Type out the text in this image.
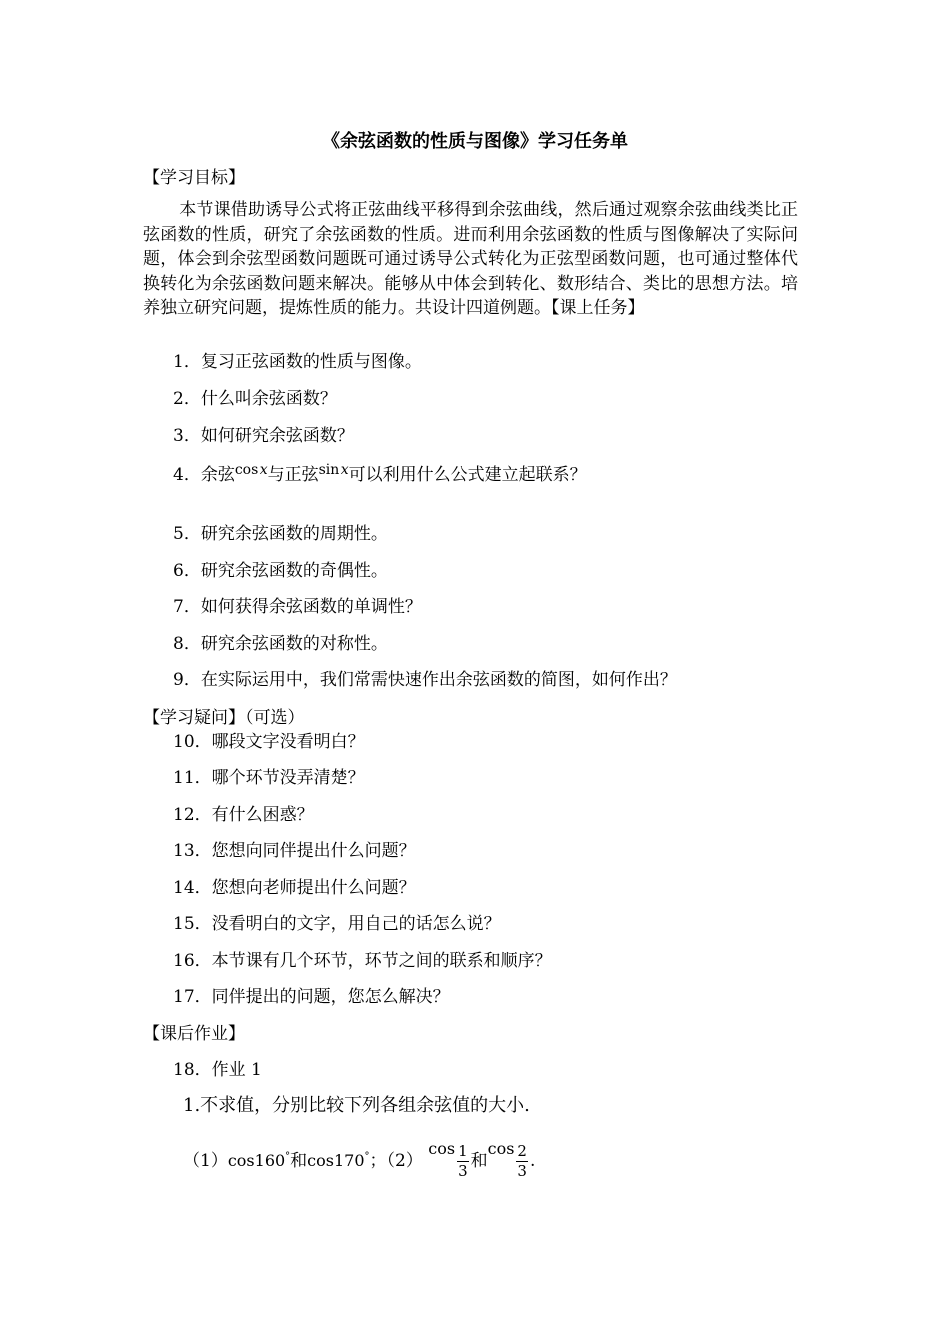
《余弦函数的性质与图像》学习任务单
【学习目标】
本节课借助诱导公式将正弦曲线平移得到余弦曲线，然后通过观察余弦曲线类比正弦函数的性质，研究了余弦函数的性质。进而利用余弦函数的性质与图像解决了实际问题，体会到余弦型函数问题既可通过诱导公式转化为正弦型函数问题，也可通过整体代换转化为余弦函数问题来解决。能够从中体会到转化、数形结合、类比的思想方法。培养独立研究问题，提炼性质的能力。共设计四道例题。【课上任务】
1．复习正弦函数的性质与图像。
2．什么叫余弦函数？
3．如何研究余弦函数？
4．余弦$^{cos x}$与正弦$^{sin x}$可以利用什么公式建立起联系？
5．研究余弦函数的周期性。
6．研究余弦函数的奇偶性。
7．如何获得余弦函数的单调性？
8．研究余弦函数的对称性。
9．在实际运用中，我们常需快速作出余弦函数的简图，如何作出？
【学习疑问】（可选）
10．哪段文字没看明白？
11．哪个环节没弄清楚？
12．有什么困惑？
13．您想向同伴提出什么问题？
14．您想向老师提出什么问题？
15．没看明白的文字，用自己的话怎么说？
16．本节课有几个环节，环节之间的联系和顺序？
17．同伴提出的问题，您怎么解决？
【课后作业】
18．作业 1
1.不求值，分别比较下列各组余弦值的大小.
（1）cos160°和cos170°；（2） $\cos \frac{1}{3}$ 和$\cos \frac{2}{3}$ .
